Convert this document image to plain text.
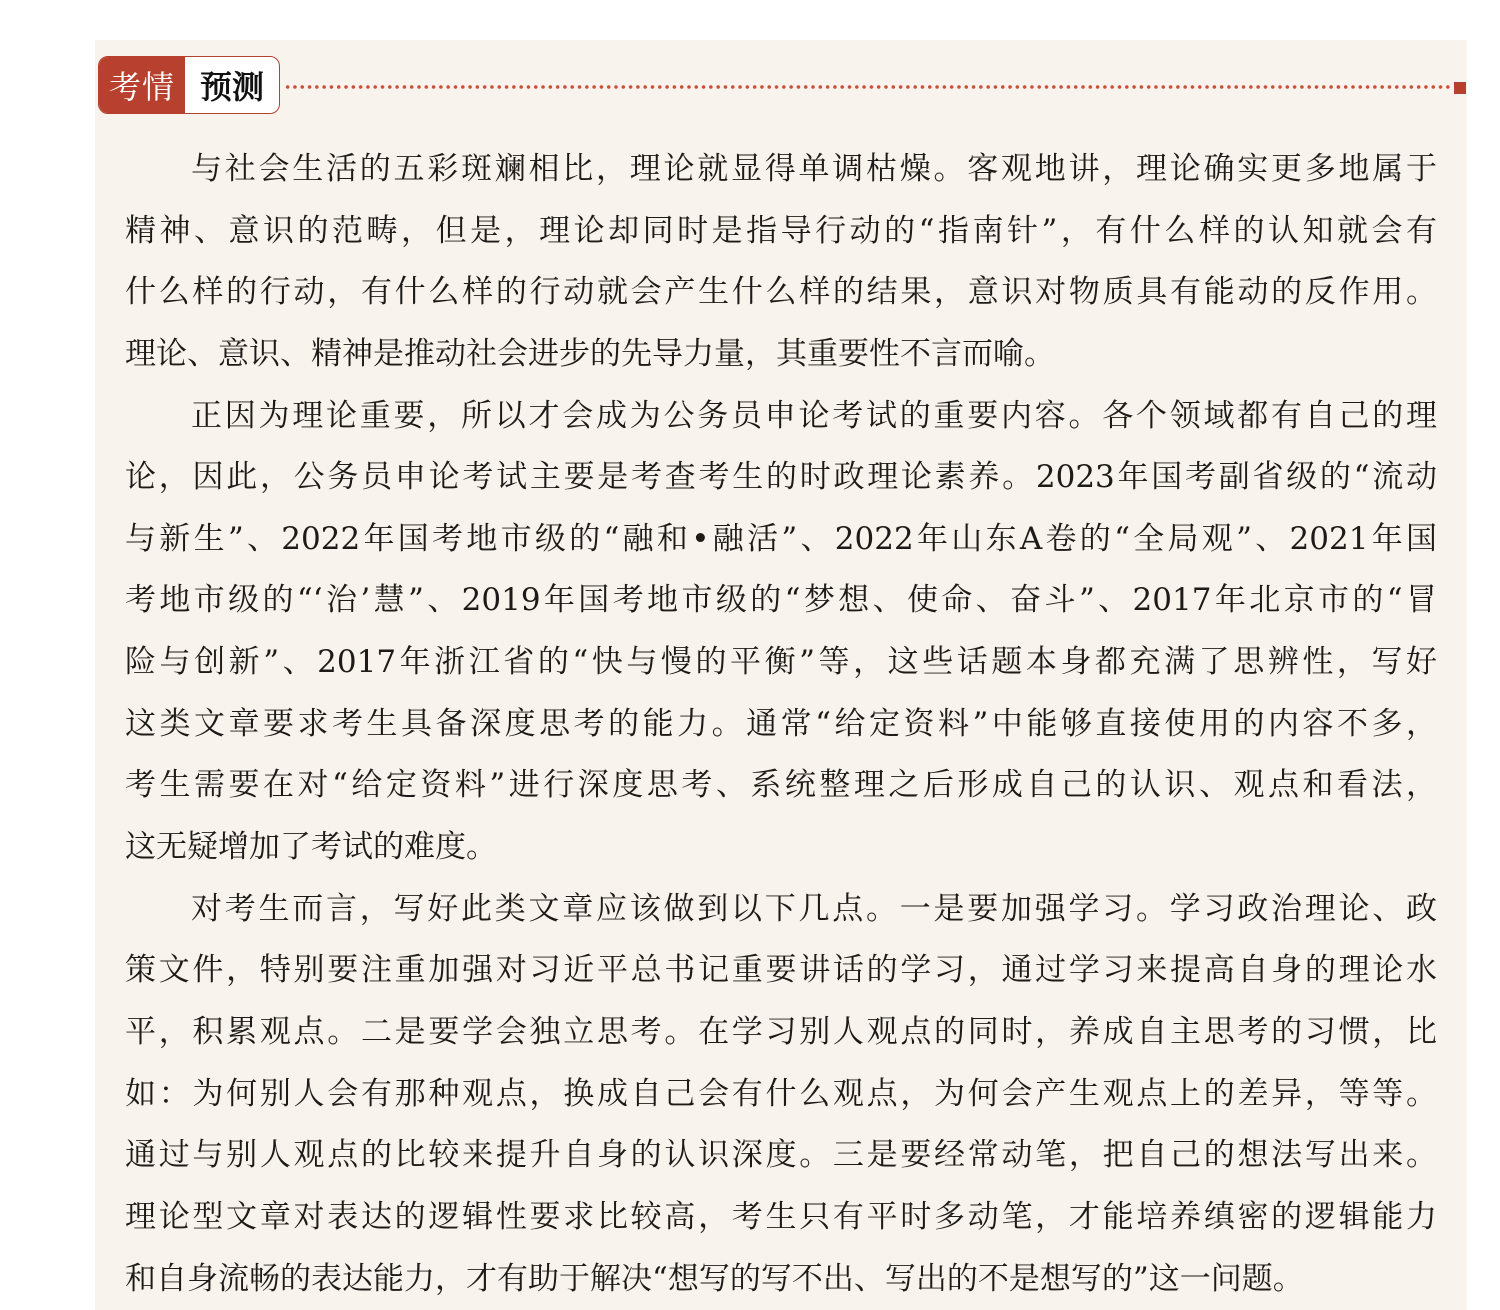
考情 预测
与社会生活的五彩斑斓相比，理论就显得单调枯燥。客观地讲，理论确实更多地属于
精神、意识的范畴，但是，理论却同时是指导行动的“指南针”，有什么样的认知就会有
什么样的行动，有什么样的行动就会产生什么样的结果，意识对物质具有能动的反作用。
理论、意识、精神是推动社会进步的先导力量，其重要性不言而喻。
正因为理论重要，所以才会成为公务员申论考试的重要内容。各个领域都有自己的理
论，因此，公务员申论考试主要是考查考生的时政理论素养。2023年国考副省级的“流动
与新生”、2022年国考地市级的“融和•融活”、2022年山东A卷的“全局观”、2021年国
考地市级的“‘治’慧”、2019年国考地市级的“梦想、使命、奋斗”、2017年北京市的“冒
险与创新”、2017年浙江省的“快与慢的平衡”等，这些话题本身都充满了思辨性，写好
这类文章要求考生具备深度思考的能力。通常“给定资料”中能够直接使用的内容不多，
考生需要在对“给定资料”进行深度思考、系统整理之后形成自己的认识、观点和看法，
这无疑增加了考试的难度。
对考生而言，写好此类文章应该做到以下几点。一是要加强学习。学习政治理论、政
策文件，特别要注重加强对习近平总书记重要讲话的学习，通过学习来提高自身的理论水
平，积累观点。二是要学会独立思考。在学习别人观点的同时，养成自主思考的习惯，比
如：为何别人会有那种观点，换成自己会有什么观点，为何会产生观点上的差异，等等。
通过与别人观点的比较来提升自身的认识深度。三是要经常动笔，把自己的想法写出来。
理论型文章对表达的逻辑性要求比较高，考生只有平时多动笔，才能培养缜密的逻辑能力
和自身流畅的表达能力，才有助于解决“想写的写不出、写出的不是想写的”这一问题。
